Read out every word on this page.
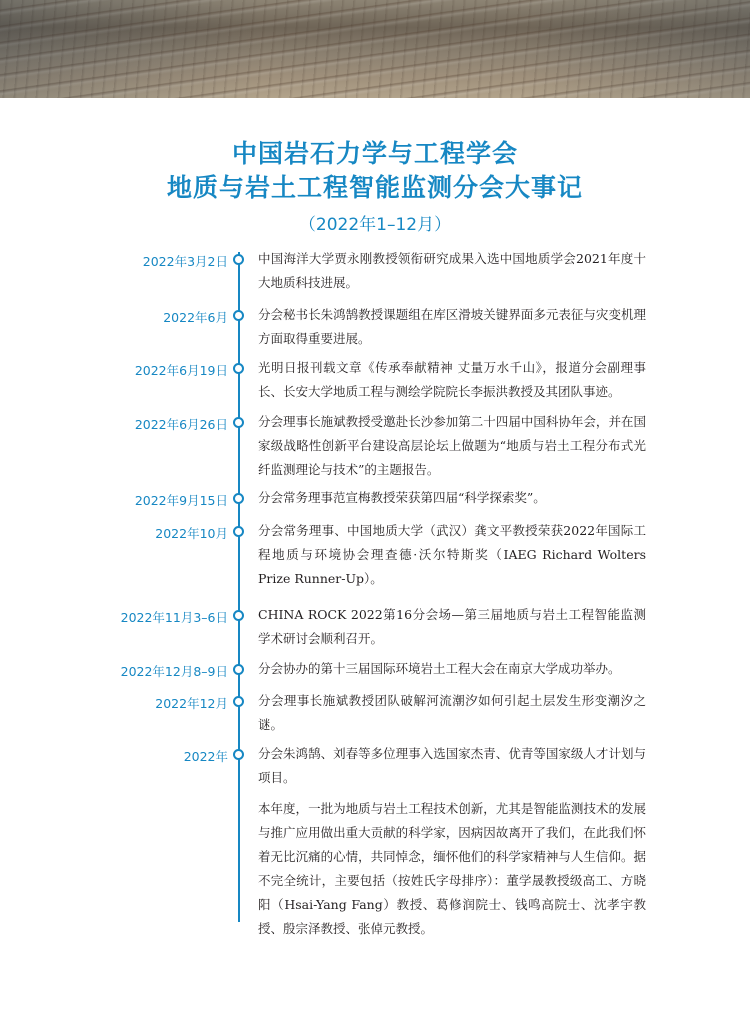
中国岩石力学与工程学会
地质与岩土工程智能监测分会大事记
（2022年1–12月）
2022年3月2日 中国海洋大学贾永刚教授领衔研究成果入选中国地质学会2021年度十大地质科技进展。
2022年6月 分会秘书长朱鸿鹄教授课题组在库区滑坡关键界面多元表征与灾变机理方面取得重要进展。
2022年6月19日 光明日报刊载文章《传承奉献精神 丈量万水千山》，报道分会副理事长、长安大学地质工程与测绘学院院长李振洪教授及其团队事迹。
2022年6月26日 分会理事长施斌教授受邀赴长沙参加第二十四届中国科协年会，并在国家级战略性创新平台建设高层论坛上做题为“地质与岩土工程分布式光纤监测理论与技术”的主题报告。
2022年9月15日 分会常务理事范宣梅教授荣获第四届“科学探索奖”。
2022年10月 分会常务理事、中国地质大学（武汉）龚文平教授荣获2022年国际工程地质与环境协会理查德·沃尔特斯奖（IAEG Richard Wolters Prize Runner-Up）。
2022年11月3–6日 CHINA ROCK 2022第16分会场—第三届地质与岩土工程智能监测学术研讨会顺利召开。
2022年12月8–9日 分会协办的第十三届国际环境岩土工程大会在南京大学成功举办。
2022年12月 分会理事长施斌教授团队破解河流潮汐如何引起土层发生形变潮汐之谜。
2022年 分会朱鸿鹄、刘春等多位理事入选国家杰青、优青等国家级人才计划与项目。
本年度，一批为地质与岩土工程技术创新，尤其是智能监测技术的发展与推广应用做出重大贡献的科学家，因病因故离开了我们，在此我们怀着无比沉痛的心情，共同悼念，缅怀他们的科学家精神与人生信仰。据不完全统计，主要包括（按姓氏字母排序）：董学晟教授级高工、方晓阳（Hsai-Yang Fang）教授、葛修润院士、钱鸣高院士、沈孝宇教授、殷宗泽教授、张倬元教授。
